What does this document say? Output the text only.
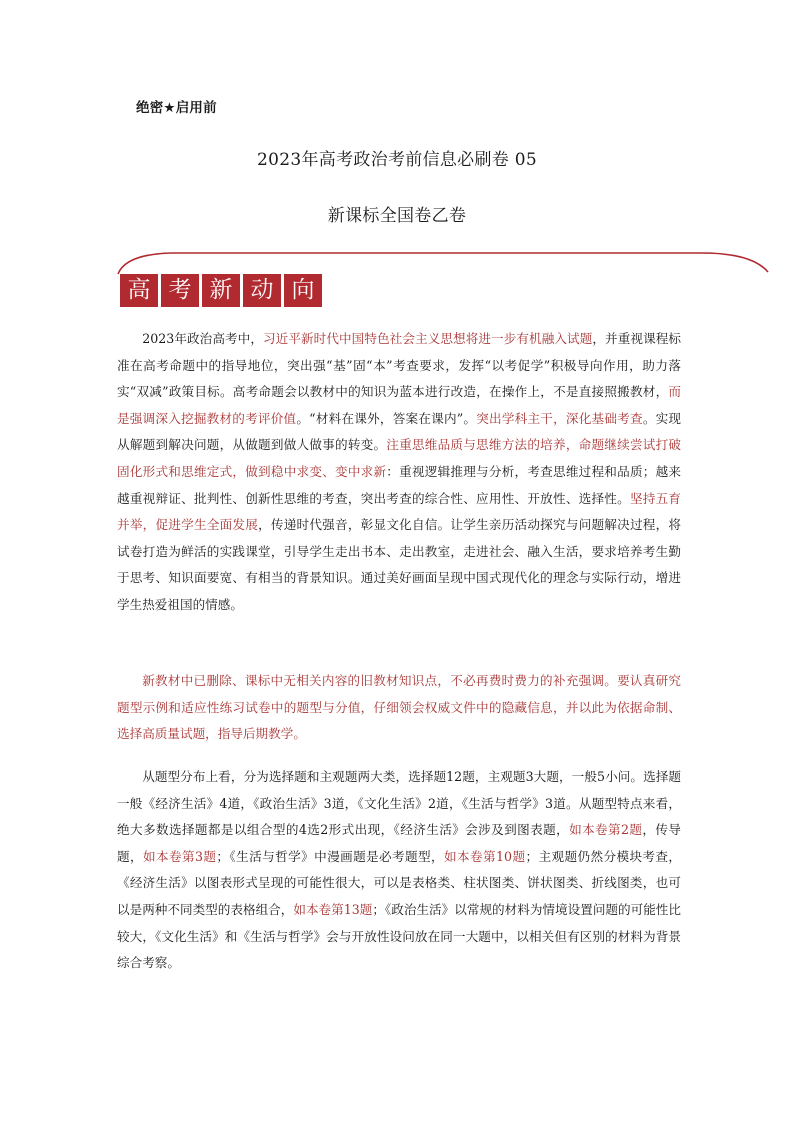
绝密★启用前
2023年高考政治考前信息必刷卷 05
新课标全国卷乙卷
高 考 新 动 向

2023年政治高考中，习近平新时代中国特色社会主义思想将进一步有机融入试题，并重视课程标准在高考命题中的指导地位，突出强“基”固“本”考查要求，发挥“以考促学”积极导向作用，助力落实“双减”政策目标。高考命题会以教材中的知识为蓝本进行改造，在操作上，不是直接照搬教材，而是强调深入挖掘教材的考评价值。“材料在课外，答案在课内”。突出学科主干，深化基础考查。实现从解题到解决问题，从做题到做人做事的转变。注重思维品质与思维方法的培养，命题继续尝试打破固化形式和思维定式，做到稳中求变、变中求新：重视逻辑推理与分析，考查思维过程和品质；越来越重视辩证、批判性、创新性思维的考查，突出考查的综合性、应用性、开放性、选择性。坚持五育并举，促进学生全面发展，传递时代强音，彰显文化自信。让学生亲历活动探究与问题解决过程，将试卷打造为鲜活的实践课堂，引导学生走出书本、走出教室，走进社会、融入生活，要求培养考生勤于思考、知识面要宽、有相当的背景知识。通过美好画面呈现中国式现代化的理念与实际行动，增进学生热爱祖国的情感。

新教材中已删除、课标中无相关内容的旧教材知识点，不必再费时费力的补充强调。要认真研究题型示例和适应性练习试卷中的题型与分值，仔细领会权威文件中的隐藏信息，并以此为依据命制、选择高质量试题，指导后期教学。

从题型分布上看，分为选择题和主观题两大类，选择题12题，主观题3大题，一般5小问。选择题一般《经济生活》4道，《政治生活》3道，《文化生活》2道，《生活与哲学》3道。从题型特点来看，绝大多数选择题都是以组合型的4选2形式出现，《经济生活》会涉及到图表题，如本卷第2题，传导题，如本卷第3题；《生活与哲学》中漫画题是必考题型，如本卷第10题；主观题仍然分模块考查，《经济生活》以图表形式呈现的可能性很大，可以是表格类、柱状图类、饼状图类、折线图类，也可以是两种不同类型的表格组合，如本卷第13题；《政治生活》以常规的材料为情境设置问题的可能性比较大，《文化生活》和《生活与哲学》会与开放性设问放在同一大题中，以相关但有区别的材料为背景综合考察。
